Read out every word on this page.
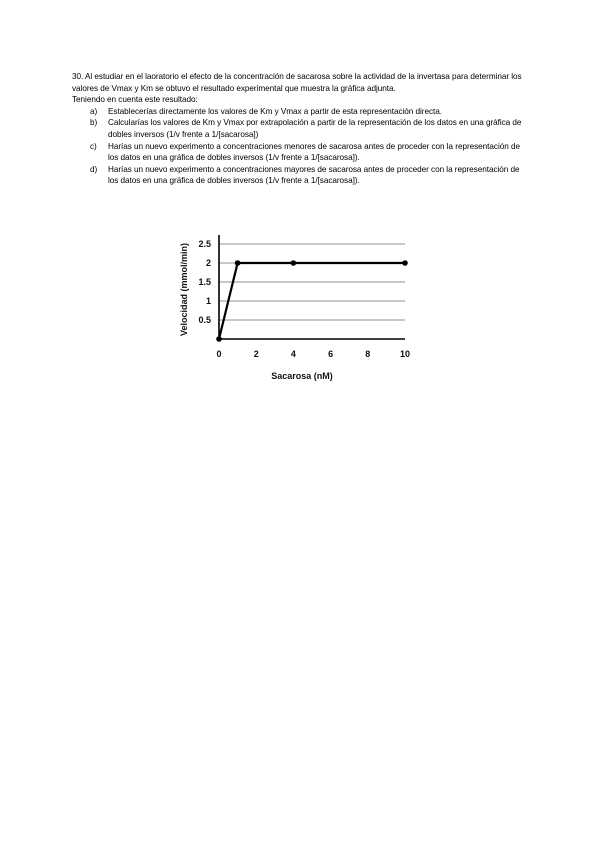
30. Al estudiar en el laoratorio el efecto de la concentración de sacarosa sobre la actividad de la invertasa para determinar los valores de Vmax y Km se obtuvo el resultado experimental que muestra la gráfica adjunta.

Teniendo en cuenta este resultado:

a) Establecerías directamente los valores de Km y Vmax a partir de esta representación directa.
b) Calcularías los valores de Km y Vmax por extrapolación a partir de la representación de los datos en una gráfica de dobles inversos (1/v frente a 1/[sacarosa])
c) Harías un nuevo experimento a concentraciones menores de sacarosa antes de proceder con la representación de los datos en una gráfica de dobles inversos (1/v frente a 1/[sacarosa]).
d) Harías un nuevo experimento a concentraciones mayores de sacarosa antes de proceder con la representación de los datos en una gráfica de dobles inversos (1/v frente a 1/[sacarosa]).
0.5
1
1.5
2
2.5
0	2	4	6	8	10
Sacarosa (nM)
Velocidad (mmol/min)
